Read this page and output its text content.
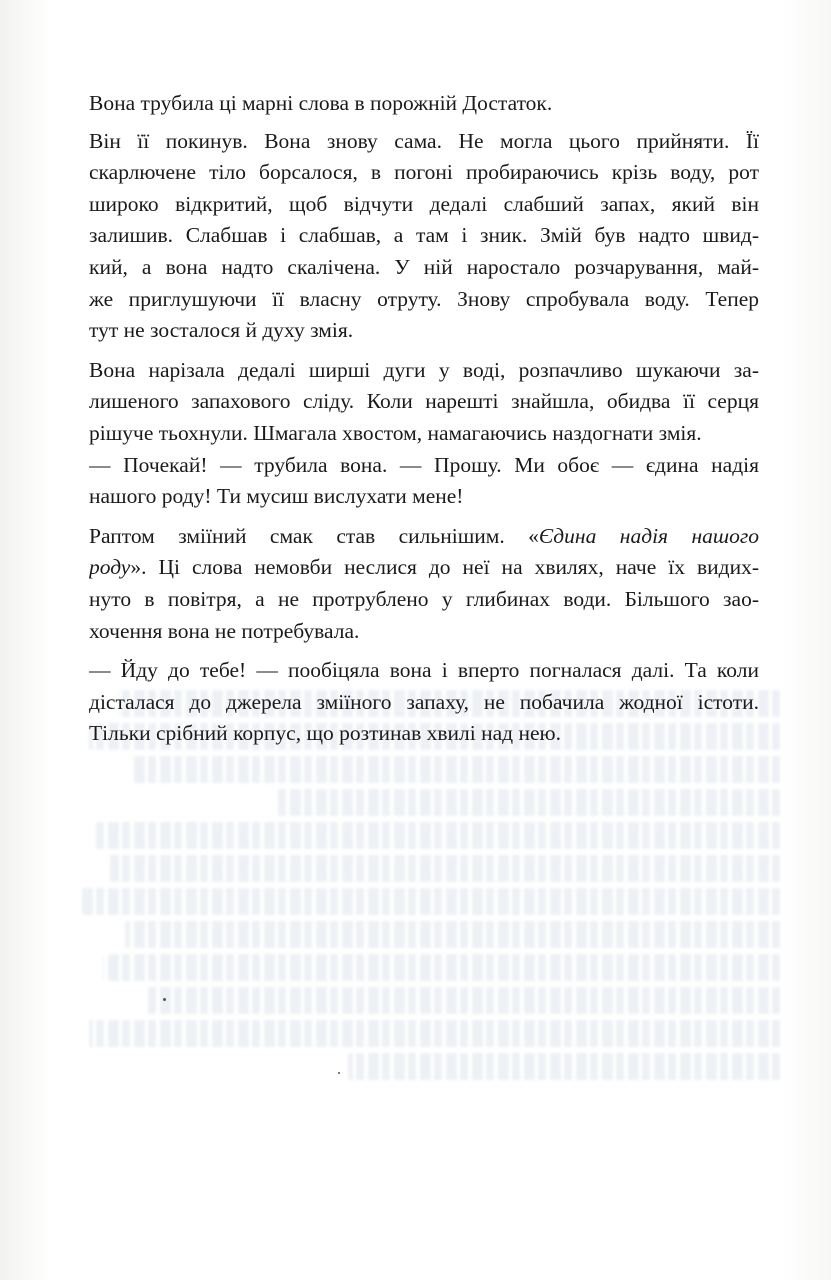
Вона трубила ці марні слова в порожній Достаток.

Він її покинув. Вона знову сама. Не могла цього прийняти. Її
скарлючене тіло борсалося, в погоні пробираючись крізь воду, рот
широко відкритий, щоб відчути дедалі слабший запах, який він
залишив. Слабшав і слабшав, а там і зник. Змій був надто швид-
кий, а вона надто скалічена. У ній наростало розчарування, май-
же приглушуючи її власну отруту. Знову спробувала воду. Тепер
тут не зосталося й духу змія.

Вона нарізала дедалі ширші дуги у воді, розпачливо шукаючи за-
лишеного запахового сліду. Коли нарешті знайшла, обидва її серця
рішуче тьохнули. Шмагала хвостом, намагаючись наздогнати змія.

— Почекай! — трубила вона. — Прошу. Ми обоє — єдина надія
нашого роду! Ти мусиш вислухати мене!

Раптом зміїний смак став сильнішим. «Єдина надія нашого
роду». Ці слова немовби неслися до неї на хвилях, наче їх видих-
нуто в повітря, а не протрублено у глибинах води. Більшого зао-
хочення вона не потребувала.

— Йду до тебе! — пообіцяла вона і вперто погналася далі. Та коли
дісталася до джерела зміїного запаху, не побачила жодної істоти.
Тільки срібний корпус, що розтинав хвилі над нею.
